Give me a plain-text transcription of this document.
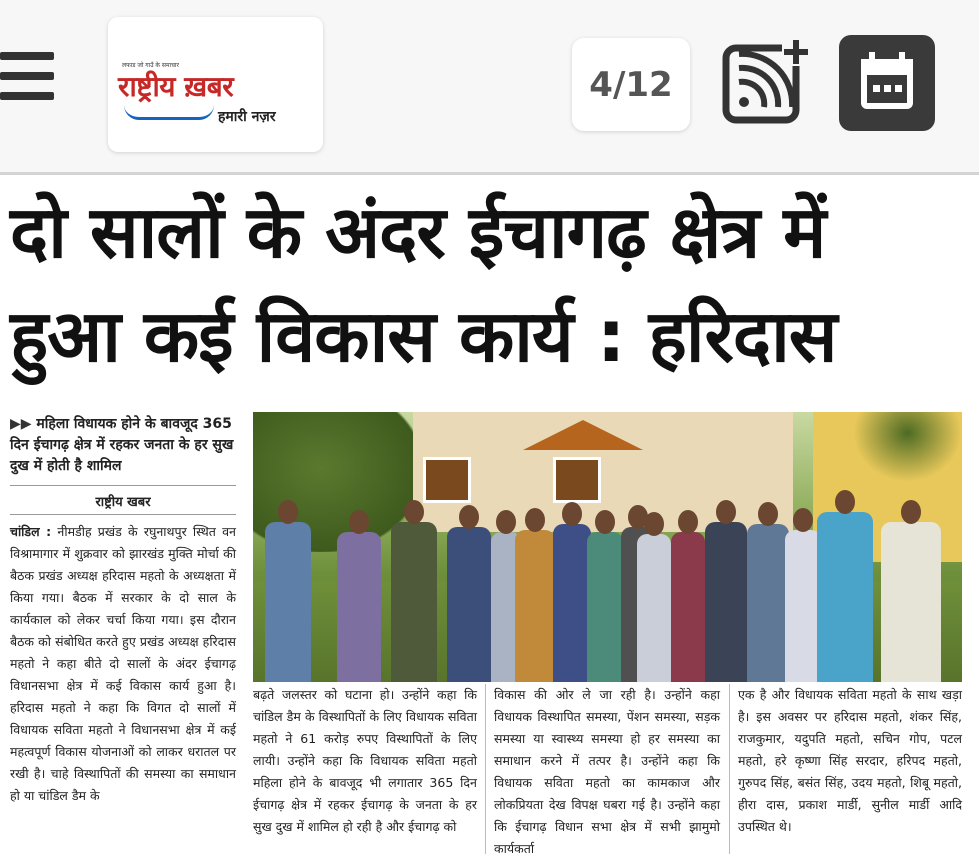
लफाड जो गाउँ के समाचार
राष्ट्रीय ख़बर
हमारी नज़र
4/12
दो सालों के अंदर ईचागढ़ क्षेत्र में
हुआ कई विकास कार्य : हरिदास

▶▶ महिला विधायक होने के बावजूद 365 दिन ईचागढ़ क्षेत्र में रहकर जनता के हर सुख दुख में होती है शामिल

राष्ट्रीय खबर

चांडिल : नीमडीह प्रखंड के रघुनाथपुर स्थित वन विश्रामागार में शुक्रवार को झारखंड मुक्ति मोर्चा की बैठक प्रखंड अध्यक्ष हरिदास महतो के अध्यक्षता में किया गया। बैठक में सरकार के दो साल के कार्यकाल को लेकर चर्चा किया गया। इस दौरान बैठक को संबोधित करते हुए प्रखंड अध्यक्ष हरिदास महतो ने कहा बीते दो सालों के अंदर ईचागढ़ विधानसभा क्षेत्र में कई विकास कार्य हुआ है। हरिदास महतो ने कहा कि विगत दो सालों में विधायक सविता महतो ने विधानसभा क्षेत्र में कई महत्वपूर्ण विकास योजनाओं को लाकर धरातल पर रखी है। चाहे विस्थापितों की समस्या का समाधान हो या चांडिल डैम के

बढ़ते जलस्तर को घटाना हो। उन्होंने कहा कि चांडिल डैम के विस्थापितों के लिए विधायक सविता महतो ने 61 करोड़ रुपए विस्थापितों के लिए लायी। उन्होंने कहा कि विधायक सविता महतो महिला होने के बावजूद भी लगातार 365 दिन ईचागढ़ क्षेत्र में रहकर ईचागढ़ के जनता के हर सुख दुख में शामिल हो रही है और ईचागढ़ को

विकास की ओर ले जा रही है। उन्होंने कहा विधायक विस्थापित समस्या, पेंशन समस्या, सड़क समस्या या स्वास्थ्य समस्या हो हर समस्या का समाधान करने में तत्पर है। उन्होंने कहा कि विधायक सविता महतो का कामकाज और लोकप्रियता देख विपक्ष घबरा गई है। उन्होंने कहा कि ईचागढ़ विधान सभा क्षेत्र में सभी झामुमो कार्यकर्ता

एक है और विधायक सविता महतो के साथ खड़ा है। इस अवसर पर हरिदास महतो, शंकर सिंह, राजकुमार, यदुपति महतो, सचिन गोप, पटल महतो, हरे कृष्णा सिंह सरदार, हरिपद महतो, गुरुपद सिंह, बसंत सिंह, उदय महतो, शिबू महतो, हीरा दास, प्रकाश मार्डी, सुनील मार्डी आदि उपस्थित थे।
